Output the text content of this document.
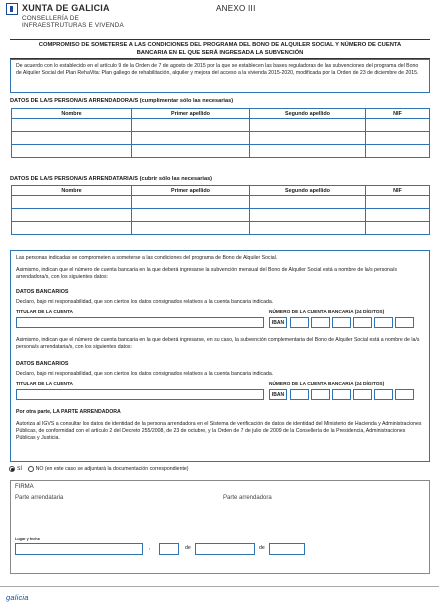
XUNTA DE GALICIA
CONSELLERÍA DE
INFRAESTRUTURAS E VIVENDA
ANEXO III
COMPROMISO DE SOMETERSE A LAS CONDICIONES DEL PROGRAMA DEL BONO DE ALQUILER SOCIAL Y NÚMERO DE CUENTA
BANCARIA EN EL QUE SERÁ INGRESADA LA SUBVENCIÓN
De acuerdo con lo establecido en el artículo 9 de la Orden de 7 de agosto de 2015 por la que se establecen las bases reguladoras de las subvenciones del programa del Bono de Alquiler Social del Plan RehaVita: Plan gallego de rehabilitación, alquiler y mejora del acceso a la vivienda 2015-2020, modificada por la Orden de 23 de diciembre de 2015.
DATOS DE LA/S PERSONA/S ARRENDADORA/S (cumplimentar sólo las necesarias)
Nombre	Primer apellido	Segundo apellido	NIF

DATOS DE LA/S PERSONA/S ARRENDATARIA/S (cubrir sólo las necesarias)
Nombre	Primer apellido	Segundo apellido	NIF

Las personas indicadas se comprometen a someterse a las condiciones del programa de Bono de Alquiler Social.
Asimismo, indican que el número de cuenta bancaria en la que deberá ingresarse la subvención mensual del Bono de Alquiler Social está a nombre de la/s persona/s arrendadora/s, con los siguientes datos:
DATOS BANCARIOS
Declaro, bajo mi responsabilidad, que son ciertos los datos consignados relativos a la cuenta bancaria indicada.
TITULAR DE LA CUENTA	NÚMERO DE LA CUENTA BANCARIA (24 DÍGITOS)
IBAN
Asimismo, indican que el número de cuenta bancaria en la que deberá ingresarse, en su caso, la subvención complementaria del Bono de Alquiler Social está a nombre de la/s persona/s arrendataria/s, con los siguientes datos:
DATOS BANCARIOS
Declaro, bajo mi responsabilidad, que son ciertos los datos consignados relativos a la cuenta bancaria indicada.
TITULAR DE LA CUENTA	NÚMERO DE LA CUENTA BANCARIA (24 DÍGITOS)
IBAN
Por otra parte, LA PARTE ARRENDADORA
Autoriza al IGVS a consultar los datos de identidad de la persona arrendadora en el Sistema de verificación de datos de identidad del Ministerio de Hacienda y Administraciones Públicas, de conformidad con el artículo 2 del Decreto 255/2008, de 23 de octubre, y la Orden de 7 de julio de 2009 de la Consellería de la Presidencia, Administraciones Públicas y Justicia.
SÍ	NO (en este caso se adjuntará la documentación correspondiente)
FIRMA
Parte arrendataria	Parte arrendadora
Lugar y fecha
,	de	de
galicia
